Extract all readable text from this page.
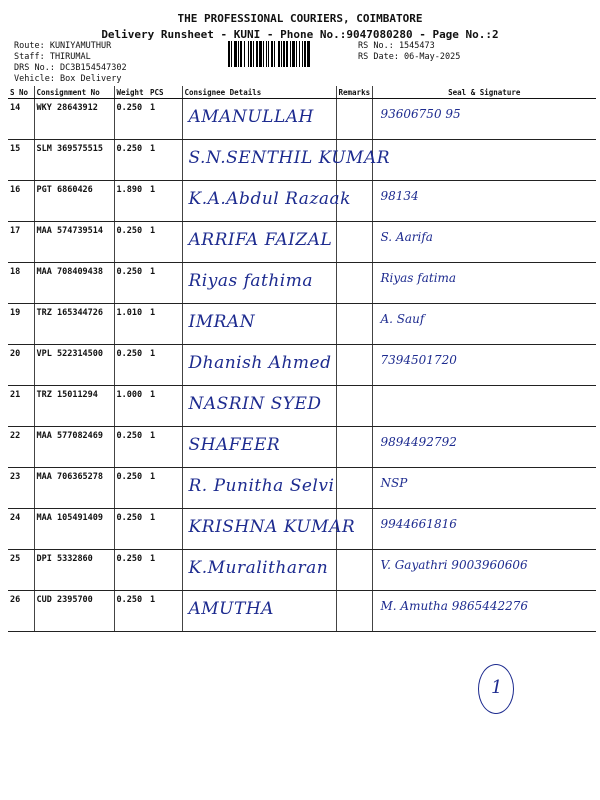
THE PROFESSIONAL COURIERS, COIMBATORE
Delivery Runsheet - KUNI - Phone No.:9047080280 - Page No.:2
Route: KUNIYAMUTHUR
Staff: THIRUMAL
DRS No.: DC3B154547302
Vehicle: Box Delivery
RS No.: 1545473
RS Date: 06-May-2025
S No	Consignment No	Weight	PCS	Consignee Details	Remarks	Seal & Signature
14	WKY 28643912	0.250	1	AMANULLAH		93606750 95

15	SLM 369575515	0.250	1	S.N.SENTHIL KUMAR		

16	PGT 6860426	1.890	1	K.A.Abdul Razaak		98134

17	MAA 574739514	0.250	1	ARRIFA FAIZAL		S. Aarifa

18	MAA 708409438	0.250	1	Riyas fathima		Riyas fatima

19	TRZ 165344726	1.010	1	IMRAN		A. Sauf

20	VPL 522314500	0.250	1	Dhanish Ahmed		7394501720

21	TRZ 15011294	1.000	1	NASRIN SYED		

22	MAA 577082469	0.250	1	SHAFEER		9894492792

23	MAA 706365278	0.250	1	R. Punitha Selvi		NSP

24	MAA 105491409	0.250	1	KRISHNA KUMAR		9944661816

25	DPI 5332860	0.250	1	K.Muralitharan		V. Gayathri 9003960606

26	CUD 2395700	0.250	1	AMUTHA		M. Amutha 9865442276
1
